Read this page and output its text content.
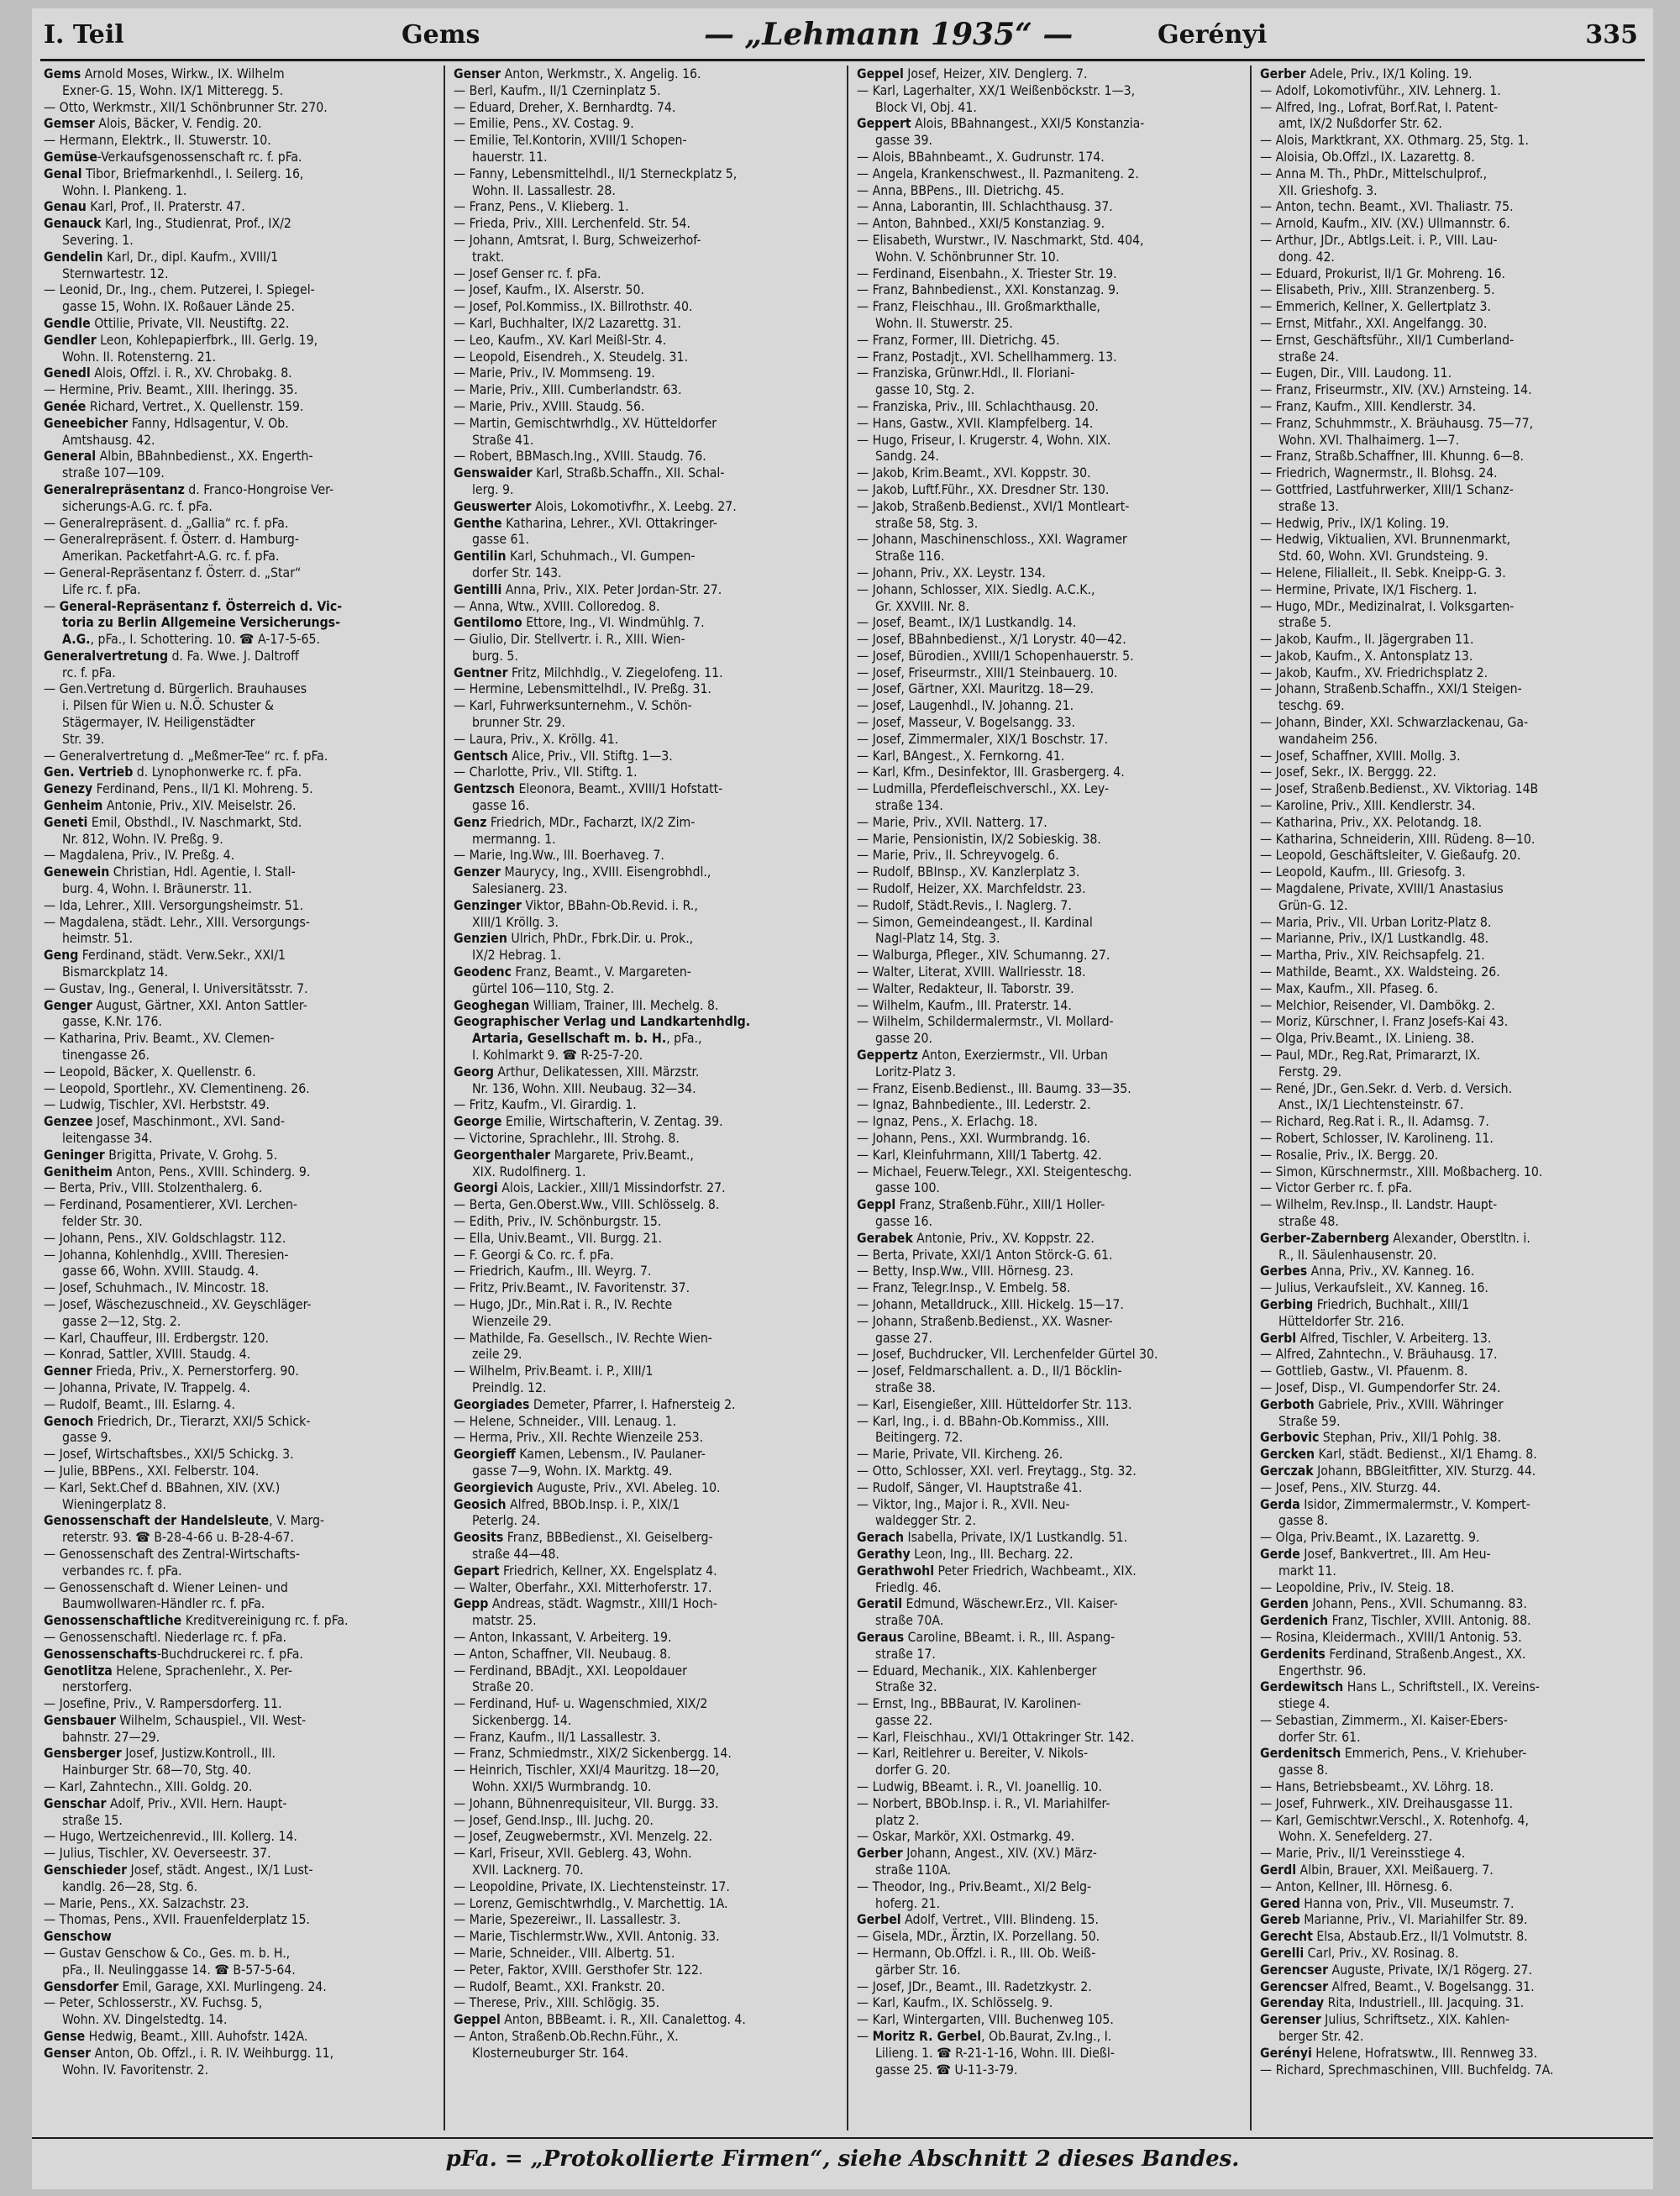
I. Teil	Gems	— „Lehmann 1935“ —	Gerényi	335

Gems Arnold Moses, Wirkw., IX. Wilhelm

Exner-G. 15, Wohn. IX/1 Mitteregg. 5.

— Otto, Werkmstr., XII/1 Schönbrunner Str. 270.

Gemser Alois, Bäcker, V. Fendig. 20.

— Hermann, Elektrk., II. Stuwerstr. 10.

Gemüse-Verkaufsgenossenschaft rc. f. pFa.

Genal Tibor, Briefmarkenhdl., I. Seilerg. 16,

Wohn. I. Plankeng. 1.

Genau Karl, Prof., II. Praterstr. 47.

Genauck Karl, Ing., Studienrat, Prof., IX/2

Severing. 1.

Gendelin Karl, Dr., dipl. Kaufm., XVIII/1

Sternwartestr. 12.

— Leonid, Dr., Ing., chem. Putzerei, I. Spiegel-

gasse 15, Wohn. IX. Roßauer Lände 25.

Gendle Ottilie, Private, VII. Neustiftg. 22.

Gendler Leon, Kohlepapierfbrk., III. Gerlg. 19,

Wohn. II. Rotensterng. 21.

Genedl Alois, Offzl. i. R., XV. Chrobakg. 8.

— Hermine, Priv. Beamt., XIII. Iheringg. 35.

Genée Richard, Vertret., X. Quellenstr. 159.

Geneebicher Fanny, Hdlsagentur, V. Ob.

Amtshausg. 42.

General Albin, BBahnbedienst., XX. Engerth-

straße 107—109.

Generalrepräsentanz d. Franco-Hongroise Ver-

sicherungs-A.G. rc. f. pFa.

— Generalrepräsent. d. „Gallia“ rc. f. pFa.

— Generalrepräsent. f. Österr. d. Hamburg-

Amerikan. Packetfahrt-A.G. rc. f. pFa.

— General-Repräsentanz f. Österr. d. „Star“

Life rc. f. pFa.

— General-Repräsentanz f. Österreich d. Vic-

toria zu Berlin Allgemeine Versicherungs-

A.G., pFa., I. Schottering. 10. ☎ A-17-5-65.

Generalvertretung d. Fa. Wwe. J. Daltroff

rc. f. pFa.

— Gen.Vertretung d. Bürgerlich. Brauhauses

i. Pilsen für Wien u. N.Ö. Schuster &

Stägermayer, IV. Heiligenstädter

Str. 39.

— Generalvertretung d. „Meßmer-Tee“ rc. f. pFa.

Gen. Vertrieb d. Lynophonwerke rc. f. pFa.

Genezy Ferdinand, Pens., II/1 Kl. Mohreng. 5.

Genheim Antonie, Priv., XIV. Meiselstr. 26.

Geneti Emil, Obsthdl., IV. Naschmarkt, Std.

Nr. 812, Wohn. IV. Preßg. 9.

— Magdalena, Priv., IV. Preßg. 4.

Genewein Christian, Hdl. Agentie, I. Stall-

burg. 4, Wohn. I. Bräunerstr. 11.

— Ida, Lehrer., XIII. Versorgungsheimstr. 51.

— Magdalena, städt. Lehr., XIII. Versorgungs-

heimstr. 51.

Geng Ferdinand, städt. Verw.Sekr., XXI/1

Bismarckplatz 14.

— Gustav, Ing., General, I. Universitätsstr. 7.

Genger August, Gärtner, XXI. Anton Sattler-

gasse, K.Nr. 176.

— Katharina, Priv. Beamt., XV. Clemen-

tinengasse 26.

— Leopold, Bäcker, X. Quellenstr. 6.

— Leopold, Sportlehr., XV. Clementineng. 26.

— Ludwig, Tischler, XVI. Herbststr. 49.

Genzee Josef, Maschinmont., XVI. Sand-

leitengasse 34.

Geninger Brigitta, Private, V. Grohg. 5.

Genitheim Anton, Pens., XVIII. Schinderg. 9.

— Berta, Priv., VIII. Stolzenthalerg. 6.

— Ferdinand, Posamentierer, XVI. Lerchen-

felder Str. 30.

— Johann, Pens., XIV. Goldschlagstr. 112.

— Johanna, Kohlenhdlg., XVIII. Theresien-

gasse 66, Wohn. XVIII. Staudg. 4.

— Josef, Schuhmach., IV. Mincostr. 18.

— Josef, Wäschezuschneid., XV. Geyschläger-

gasse 2—12, Stg. 2.

— Karl, Chauffeur, III. Erdbergstr. 120.

— Konrad, Sattler, XVIII. Staudg. 4.

Genner Frieda, Priv., X. Pernerstorferg. 90.

— Johanna, Private, IV. Trappelg. 4.

— Rudolf, Beamt., III. Eslarng. 4.

Genoch Friedrich, Dr., Tierarzt, XXI/5 Schick-

gasse 9.

— Josef, Wirtschaftsbes., XXI/5 Schickg. 3.

— Julie, BBPens., XXI. Felberstr. 104.

— Karl, Sekt.Chef d. BBahnen, XIV. (XV.)

Wieningerplatz 8.

Genossenschaft der Handelsleute, V. Marg-

reterstr. 93. ☎ B-28-4-66 u. B-28-4-67.

— Genossenschaft des Zentral-Wirtschafts-

verbandes rc. f. pFa.

— Genossenschaft d. Wiener Leinen- und

Baumwollwaren-Händler rc. f. pFa.

Genossenschaftliche Kreditvereinigung rc. f. pFa.

— Genossenschaftl. Niederlage rc. f. pFa.

Genossenschafts-Buchdruckerei rc. f. pFa.

Genotlitza Helene, Sprachenlehr., X. Per-

nerstorferg.

— Josefine, Priv., V. Rampersdorferg. 11.

Gensbauer Wilhelm, Schauspiel., VII. West-

bahnstr. 27—29.

Gensberger Josef, Justizw.Kontroll., III.

Hainburger Str. 68—70, Stg. 40.

— Karl, Zahntechn., XIII. Goldg. 20.

Genschar Adolf, Priv., XVII. Hern. Haupt-

straße 15.

— Hugo, Wertzeichenrevid., III. Kollerg. 14.

— Julius, Tischler, XV. Oeverseestr. 37.

Genschieder Josef, städt. Angest., IX/1 Lust-

kandlg. 26—28, Stg. 6.

— Marie, Pens., XX. Salzachstr. 23.

— Thomas, Pens., XVII. Frauenfelderplatz 15.

Genschow

— Gustav Genschow & Co., Ges. m. b. H.,

pFa., II. Neulinggasse 14. ☎ B-57-5-64.

Gensdorfer Emil, Garage, XXI. Murlingeng. 24.

— Peter, Schlosserstr., XV. Fuchsg. 5,

Wohn. XV. Dingelstedtg. 14.

Gense Hedwig, Beamt., XIII. Auhofstr. 142A.

Genser Anton, Ob. Offzl., i. R. IV. Weihburgg. 11,

Wohn. IV. Favoritenstr. 2.

Genser Anton, Werkmstr., X. Angelig. 16.

— Berl, Kaufm., II/1 Czerninplatz 5.

— Eduard, Dreher, X. Bernhardtg. 74.

— Emilie, Pens., XV. Costag. 9.

— Emilie, Tel.Kontorin, XVIII/1 Schopen-

hauerstr. 11.

— Fanny, Lebensmittelhdl., II/1 Sterneckplatz 5,

Wohn. II. Lassallestr. 28.

— Franz, Pens., V. Klieberg. 1.

— Frieda, Priv., XIII. Lerchenfeld. Str. 54.

— Johann, Amtsrat, I. Burg, Schweizerhof-

trakt.

— Josef Genser rc. f. pFa.

— Josef, Kaufm., IX. Alserstr. 50.

— Josef, Pol.Kommiss., IX. Billrothstr. 40.

— Karl, Buchhalter, IX/2 Lazarettg. 31.

— Leo, Kaufm., XV. Karl Meißl-Str. 4.

— Leopold, Eisendreh., X. Steudelg. 31.

— Marie, Priv., IV. Mommseng. 19.

— Marie, Priv., XIII. Cumberlandstr. 63.

— Marie, Priv., XVIII. Staudg. 56.

— Martin, Gemischtwrhdlg., XV. Hütteldorfer

Straße 41.

— Robert, BBMasch.Ing., XVIII. Staudg. 76.

Genswaider Karl, Straßb.Schaffn., XII. Schal-

lerg. 9.

Geuswerter Alois, Lokomotivfhr., X. Leebg. 27.

Genthe Katharina, Lehrer., XVI. Ottakringer-

gasse 61.

Gentilin Karl, Schuhmach., VI. Gumpen-

dorfer Str. 143.

Gentilli Anna, Priv., XIX. Peter Jordan-Str. 27.

— Anna, Wtw., XVIII. Colloredog. 8.

Gentilomo Ettore, Ing., VI. Windmühlg. 7.

— Giulio, Dir. Stellvertr. i. R., XIII. Wien-

burg. 5.

Gentner Fritz, Milchhdlg., V. Ziegelofeng. 11.

— Hermine, Lebensmittelhdl., IV. Preßg. 31.

— Karl, Fuhrwerksunternehm., V. Schön-

brunner Str. 29.

— Laura, Priv., X. Kröllg. 41.

Gentsch Alice, Priv., VII. Stiftg. 1—3.

— Charlotte, Priv., VII. Stiftg. 1.

Gentzsch Eleonora, Beamt., XVIII/1 Hofstatt-

gasse 16.

Genz Friedrich, MDr., Facharzt, IX/2 Zim-

mermanng. 1.

— Marie, Ing.Ww., III. Boerhaveg. 7.

Genzer Maurycy, Ing., XVIII. Eisengrobhdl.,

Salesianerg. 23.

Genzinger Viktor, BBahn-Ob.Revid. i. R.,

XIII/1 Kröllg. 3.

Genzien Ulrich, PhDr., Fbrk.Dir. u. Prok.,

IX/2 Hebrag. 1.

Geodenc Franz, Beamt., V. Margareten-

gürtel 106—110, Stg. 2.

Geoghegan William, Trainer, III. Mechelg. 8.

Geographischer Verlag und Landkartenhdlg.

Artaria, Gesellschaft m. b. H., pFa.,

I. Kohlmarkt 9. ☎ R-25-7-20.

Georg Arthur, Delikatessen, XIII. Märzstr.

Nr. 136, Wohn. XIII. Neubaug. 32—34.

— Fritz, Kaufm., VI. Girardig. 1.

George Emilie, Wirtschafterin, V. Zentag. 39.

— Victorine, Sprachlehr., III. Strohg. 8.

Georgenthaler Margarete, Priv.Beamt.,

XIX. Rudolfinerg. 1.

Georgi Alois, Lackier., XIII/1 Missindorfstr. 27.

— Berta, Gen.Oberst.Ww., VIII. Schlösselg. 8.

— Edith, Priv., IV. Schönburgstr. 15.

— Ella, Univ.Beamt., VII. Burgg. 21.

— F. Georgi & Co. rc. f. pFa.

— Friedrich, Kaufm., III. Weyrg. 7.

— Fritz, Priv.Beamt., IV. Favoritenstr. 37.

— Hugo, JDr., Min.Rat i. R., IV. Rechte

Wienzeile 29.

— Mathilde, Fa. Gesellsch., IV. Rechte Wien-

zeile 29.

— Wilhelm, Priv.Beamt. i. P., XIII/1

Preindlg. 12.

Georgiades Demeter, Pfarrer, I. Hafnersteig 2.

— Helene, Schneider., VIII. Lenaug. 1.

— Herma, Priv., XII. Rechte Wienzeile 253.

Georgieff Kamen, Lebensm., IV. Paulaner-

gasse 7—9, Wohn. IX. Marktg. 49.

Georgievich Auguste, Priv., XVI. Abeleg. 10.

Geosich Alfred, BBOb.Insp. i. P., XIX/1

Peterlg. 24.

Geosits Franz, BBBedienst., XI. Geiselberg-

straße 44—48.

Gepart Friedrich, Kellner, XX. Engelsplatz 4.

— Walter, Oberfahr., XXI. Mitterhoferstr. 17.

Gepp Andreas, städt. Wagmstr., XIII/1 Hoch-

matstr. 25.

— Anton, Inkassant, V. Arbeiterg. 19.

— Anton, Schaffner, VII. Neubaug. 8.

— Ferdinand, BBAdjt., XXI. Leopoldauer

Straße 20.

— Ferdinand, Huf- u. Wagenschmied, XIX/2

Sickenbergg. 14.

— Franz, Kaufm., II/1 Lassallestr. 3.

— Franz, Schmiedmstr., XIX/2 Sickenbergg. 14.

— Heinrich, Tischler, XXI/4 Mauritzg. 18—20,

Wohn. XXI/5 Wurmbrandg. 10.

— Johann, Bühnenrequisiteur, VII. Burgg. 33.

— Josef, Gend.Insp., III. Juchg. 20.

— Josef, Zeugwebermstr., XVI. Menzelg. 22.

— Karl, Friseur, XVII. Geblerg. 43, Wohn.

XVII. Lacknerg. 70.

— Leopoldine, Private, IX. Liechtensteinstr. 17.

— Lorenz, Gemischtwrhdlg., V. Marchettig. 1A.

— Marie, Spezereiwr., II. Lassallestr. 3.

— Marie, Tischlermstr.Ww., XVII. Antonig. 33.

— Marie, Schneider., VIII. Albertg. 51.

— Peter, Faktor, XVIII. Gersthofer Str. 122.

— Rudolf, Beamt., XXI. Frankstr. 20.

— Therese, Priv., XIII. Schlögig. 35.

Geppel Anton, BBBeamt. i. R., XII. Canalettog. 4.

— Anton, Straßenb.Ob.Rechn.Führ., X.

Klosterneuburger Str. 164.

Geppel Josef, Heizer, XIV. Denglerg. 7.

— Karl, Lagerhalter, XX/1 Weißenböckstr. 1—3,

Block VI, Obj. 41.

Geppert Alois, BBahnangest., XXI/5 Konstanzia-

gasse 39.

— Alois, BBahnbeamt., X. Gudrunstr. 174.

— Angela, Krankenschwest., II. Pazmaniteng. 2.

— Anna, BBPens., III. Dietrichg. 45.

— Anna, Laborantin, III. Schlachthausg. 37.

— Anton, Bahnbed., XXI/5 Konstanziag. 9.

— Elisabeth, Wurstwr., IV. Naschmarkt, Std. 404,

Wohn. V. Schönbrunner Str. 10.

— Ferdinand, Eisenbahn., X. Triester Str. 19.

— Franz, Bahnbedienst., XXI. Konstanzag. 9.

— Franz, Fleischhau., III. Großmarkthalle,

Wohn. II. Stuwerstr. 25.

— Franz, Former, III. Dietrichg. 45.

— Franz, Postadjt., XVI. Schellhammerg. 13.

— Franziska, Grünwr.Hdl., II. Floriani-

gasse 10, Stg. 2.

— Franziska, Priv., III. Schlachthausg. 20.

— Hans, Gastw., XVII. Klampfelberg. 14.

— Hugo, Friseur, I. Krugerstr. 4, Wohn. XIX.

Sandg. 24.

— Jakob, Krim.Beamt., XVI. Koppstr. 30.

— Jakob, Luftf.Führ., XX. Dresdner Str. 130.

— Jakob, Straßenb.Bedienst., XVI/1 Montleart-

straße 58, Stg. 3.

— Johann, Maschinenschloss., XXI. Wagramer

Straße 116.

— Johann, Priv., XX. Leystr. 134.

— Johann, Schlosser, XIX. Siedlg. A.C.K.,

Gr. XXVIII. Nr. 8.

— Josef, Beamt., IX/1 Lustkandlg. 14.

— Josef, BBahnbedienst., X/1 Lorystr. 40—42.

— Josef, Bürodien., XVIII/1 Schopenhauerstr. 5.

— Josef, Friseurmstr., XIII/1 Steinbauerg. 10.

— Josef, Gärtner, XXI. Mauritzg. 18—29.

— Josef, Laugenhdl., IV. Johanng. 21.

— Josef, Masseur, V. Bogelsangg. 33.

— Josef, Zimmermaler, XIX/1 Boschstr. 17.

— Karl, BAngest., X. Fernkorng. 41.

— Karl, Kfm., Desinfektor, III. Grasbergerg. 4.

— Ludmilla, Pferdefleischverschl., XX. Ley-

straße 134.

— Marie, Priv., XVII. Natterg. 17.

— Marie, Pensionistin, IX/2 Sobieskig. 38.

— Marie, Priv., II. Schreyvogelg. 6.

— Rudolf, BBInsp., XV. Kanzlerplatz 3.

— Rudolf, Heizer, XX. Marchfeldstr. 23.

— Rudolf, Städt.Revis., I. Naglerg. 7.

— Simon, Gemeindeangest., II. Kardinal

Nagl-Platz 14, Stg. 3.

— Walburga, Pfleger., XIV. Schumanng. 27.

— Walter, Literat, XVIII. Wallriesstr. 18.

— Walter, Redakteur, II. Taborstr. 39.

— Wilhelm, Kaufm., III. Praterstr. 14.

— Wilhelm, Schildermalermstr., VI. Mollard-

gasse 20.

Geppertz Anton, Exerziermstr., VII. Urban

Loritz-Platz 3.

— Franz, Eisenb.Bedienst., III. Baumg. 33—35.

— Ignaz, Bahnbediente., III. Lederstr. 2.

— Ignaz, Pens., X. Erlachg. 18.

— Johann, Pens., XXI. Wurmbrandg. 16.

— Karl, Kleinfuhrmann, XIII/1 Tabertg. 42.

— Michael, Feuerw.Telegr., XXI. Steigenteschg.

gasse 100.

Geppl Franz, Straßenb.Führ., XIII/1 Holler-

gasse 16.

Gerabek Antonie, Priv., XV. Koppstr. 22.

— Berta, Private, XXI/1 Anton Störck-G. 61.

— Betty, Insp.Ww., VIII. Hörnesg. 23.

— Franz, Telegr.Insp., V. Embelg. 58.

— Johann, Metalldruck., XIII. Hickelg. 15—17.

— Johann, Straßenb.Bedienst., XX. Wasner-

gasse 27.

— Josef, Buchdrucker, VII. Lerchenfelder Gürtel 30.

— Josef, Feldmarschallent. a. D., II/1 Böcklin-

straße 38.

— Karl, Eisengießer, XIII. Hütteldorfer Str. 113.

— Karl, Ing., i. d. BBahn-Ob.Kommiss., XIII.

Beitingerg. 72.

— Marie, Private, VII. Kircheng. 26.

— Otto, Schlosser, XXI. verl. Freytagg., Stg. 32.

— Rudolf, Sänger, VI. Hauptstraße 41.

— Viktor, Ing., Major i. R., XVII. Neu-

waldegger Str. 2.

Gerach Isabella, Private, IX/1 Lustkandlg. 51.

Gerathy Leon, Ing., III. Becharg. 22.

Gerathwohl Peter Friedrich, Wachbeamt., XIX.

Friedlg. 46.

Geratil Edmund, Wäschewr.Erz., VII. Kaiser-

straße 70A.

Geraus Caroline, BBeamt. i. R., III. Aspang-

straße 17.

— Eduard, Mechanik., XIX. Kahlenberger

Straße 32.

— Ernst, Ing., BBBaurat, IV. Karolinen-

gasse 22.

— Karl, Fleischhau., XVI/1 Ottakringer Str. 142.

— Karl, Reitlehrer u. Bereiter, V. Nikols-

dorfer G. 20.

— Ludwig, BBeamt. i. R., VI. Joanellig. 10.

— Norbert, BBOb.Insp. i. R., VI. Mariahilfer-

platz 2.

— Oskar, Markör, XXI. Ostmarkg. 49.

Gerber Johann, Angest., XIV. (XV.) März-

straße 110A.

— Theodor, Ing., Priv.Beamt., XI/2 Belg-

hoferg. 21.

Gerbel Adolf, Vertret., VIII. Blindeng. 15.

— Gisela, MDr., Ärztin, IX. Porzellang. 50.

— Hermann, Ob.Offzl. i. R., III. Ob. Weiß-

gärber Str. 16.

— Josef, JDr., Beamt., III. Radetzkystr. 2.

— Karl, Kaufm., IX. Schlösselg. 9.

— Karl, Wintergarten, VIII. Buchenweg 105.

— Moritz R. Gerbel, Ob.Baurat, Zv.Ing., I.

Lilieng. 1. ☎ R-21-1-16, Wohn. III. Dießl-

gasse 25. ☎ U-11-3-79.

Gerber Adele, Priv., IX/1 Koling. 19.

— Adolf, Lokomotivführ., XIV. Lehnerg. 1.

— Alfred, Ing., Lofrat, Borf.Rat, I. Patent-

amt, IX/2 Nußdorfer Str. 62.

— Alois, Marktkrant, XX. Othmarg. 25, Stg. 1.

— Aloisia, Ob.Offzl., IX. Lazarettg. 8.

— Anna M. Th., PhDr., Mittelschulprof.,

XII. Grieshofg. 3.

— Anton, techn. Beamt., XVI. Thaliastr. 75.

— Arnold, Kaufm., XIV. (XV.) Ullmannstr. 6.

— Arthur, JDr., Abtlgs.Leit. i. P., VIII. Lau-

dong. 42.

— Eduard, Prokurist, II/1 Gr. Mohreng. 16.

— Elisabeth, Priv., XIII. Stranzenberg. 5.

— Emmerich, Kellner, X. Gellertplatz 3.

— Ernst, Mitfahr., XXI. Angelfangg. 30.

— Ernst, Geschäftsführ., XII/1 Cumberland-

straße 24.

— Eugen, Dir., VIII. Laudong. 11.

— Franz, Friseurmstr., XIV. (XV.) Arnsteing. 14.

— Franz, Kaufm., XIII. Kendlerstr. 34.

— Franz, Schuhmmstr., X. Bräuhausg. 75—77,

Wohn. XVI. Thalhaimerg. 1—7.

— Franz, Straßb.Schaffner, III. Khunng. 6—8.

— Friedrich, Wagnermstr., II. Blohsg. 24.

— Gottfried, Lastfuhrwerker, XIII/1 Schanz-

straße 13.

— Hedwig, Priv., IX/1 Koling. 19.

— Hedwig, Viktualien, XVI. Brunnenmarkt,

Std. 60, Wohn. XVI. Grundsteing. 9.

— Helene, Filialleit., II. Sebk. Kneipp-G. 3.

— Hermine, Private, IX/1 Fischerg. 1.

— Hugo, MDr., Medizinalrat, I. Volksgarten-

straße 5.

— Jakob, Kaufm., II. Jägergraben 11.

— Jakob, Kaufm., X. Antonsplatz 13.

— Jakob, Kaufm., XV. Friedrichsplatz 2.

— Johann, Straßenb.Schaffn., XXI/1 Steigen-

teschg. 69.

— Johann, Binder, XXI. Schwarzlackenau, Ga-

wandaheim 256.

— Josef, Schaffner, XVIII. Mollg. 3.

— Josef, Sekr., IX. Berggg. 22.

— Josef, Straßenb.Bedienst., XV. Viktoriag. 14B

— Karoline, Priv., XIII. Kendlerstr. 34.

— Katharina, Priv., XX. Pelotandg. 18.

— Katharina, Schneiderin, XIII. Rüdeng. 8—10.

— Leopold, Geschäftsleiter, V. Gießaufg. 20.

— Leopold, Kaufm., III. Griesofg. 3.

— Magdalene, Private, XVIII/1 Anastasius

Grün-G. 12.

— Maria, Priv., VII. Urban Loritz-Platz 8.

— Marianne, Priv., IX/1 Lustkandlg. 48.

— Martha, Priv., XIV. Reichsapfelg. 21.

— Mathilde, Beamt., XX. Waldsteing. 26.

— Max, Kaufm., XII. Pfaseg. 6.

— Melchior, Reisender, VI. Dambökg. 2.

— Moriz, Kürschner, I. Franz Josefs-Kai 43.

— Olga, Priv.Beamt., IX. Linieng. 38.

— Paul, MDr., Reg.Rat, Primararzt, IX.

Ferstg. 29.

— René, JDr., Gen.Sekr. d. Verb. d. Versich.

Anst., IX/1 Liechtensteinstr. 67.

— Richard, Reg.Rat i. R., II. Adamsg. 7.

— Robert, Schlosser, IV. Karolineng. 11.

— Rosalie, Priv., IX. Bergg. 20.

— Simon, Kürschnermstr., XIII. Moßbacherg. 10.

— Victor Gerber rc. f. pFa.

— Wilhelm, Rev.Insp., II. Landstr. Haupt-

straße 48.

Gerber-Zabernberg Alexander, Oberstltn. i.

R., II. Säulenhausenstr. 20.

Gerbes Anna, Priv., XV. Kanneg. 16.

— Julius, Verkaufsleit., XV. Kanneg. 16.

Gerbing Friedrich, Buchhalt., XIII/1

Hütteldorfer Str. 216.

Gerbl Alfred, Tischler, V. Arbeiterg. 13.

— Alfred, Zahntechn., V. Bräuhausg. 17.

— Gottlieb, Gastw., VI. Pfauenm. 8.

— Josef, Disp., VI. Gumpendorfer Str. 24.

Gerboth Gabriele, Priv., XVIII. Währinger

Straße 59.

Gerbovic Stephan, Priv., XII/1 Pohlg. 38.

Gercken Karl, städt. Bedienst., XI/1 Ehamg. 8.

Gerczak Johann, BBGleitfitter, XIV. Sturzg. 44.

— Josef, Pens., XIV. Sturzg. 44.

Gerda Isidor, Zimmermalermstr., V. Kompert-

gasse 8.

— Olga, Priv.Beamt., IX. Lazarettg. 9.

Gerde Josef, Bankvertret., III. Am Heu-

markt 11.

— Leopoldine, Priv., IV. Steig. 18.

Gerden Johann, Pens., XVII. Schumanng. 83.

Gerdenich Franz, Tischler, XVIII. Antonig. 88.

— Rosina, Kleidermach., XVIII/1 Antonig. 53.

Gerdenits Ferdinand, Straßenb.Angest., XX.

Engerthstr. 96.

Gerdewitsch Hans L., Schriftstell., IX. Vereins-

stiege 4.

— Sebastian, Zimmerm., XI. Kaiser-Ebers-

dorfer Str. 61.

Gerdenitsch Emmerich, Pens., V. Kriehuber-

gasse 8.

— Hans, Betriebsbeamt., XV. Löhrg. 18.

— Josef, Fuhrwerk., XIV. Dreihausgasse 11.

— Karl, Gemischtwr.Verschl., X. Rotenhofg. 4,

Wohn. X. Senefelderg. 27.

— Marie, Priv., II/1 Vereinsstiege 4.

Gerdl Albin, Brauer, XXI. Meißauerg. 7.

— Anton, Kellner, III. Hörnesg. 6.

Gered Hanna von, Priv., VII. Museumstr. 7.

Gereb Marianne, Priv., VI. Mariahilfer Str. 89.

Gerecht Elsa, Abstaub.Erz., II/1 Volmutstr. 8.

Gerelli Carl, Priv., XV. Rosinag. 8.

Gerencser Auguste, Private, IX/1 Rögerg. 27.

Gerencser Alfred, Beamt., V. Bogelsangg. 31.

Gerenday Rita, Industriell., III. Jacquing. 31.

Gerenser Julius, Schriftsetz., XIX. Kahlen-

berger Str. 42.

Gerényi Helene, Hofratswtw., III. Rennweg 33.

— Richard, Sprechmaschinen, VIII. Buchfeldg. 7A.

pFa. = „Protokollierte Firmen“, siehe Abschnitt 2 dieses Bandes.
